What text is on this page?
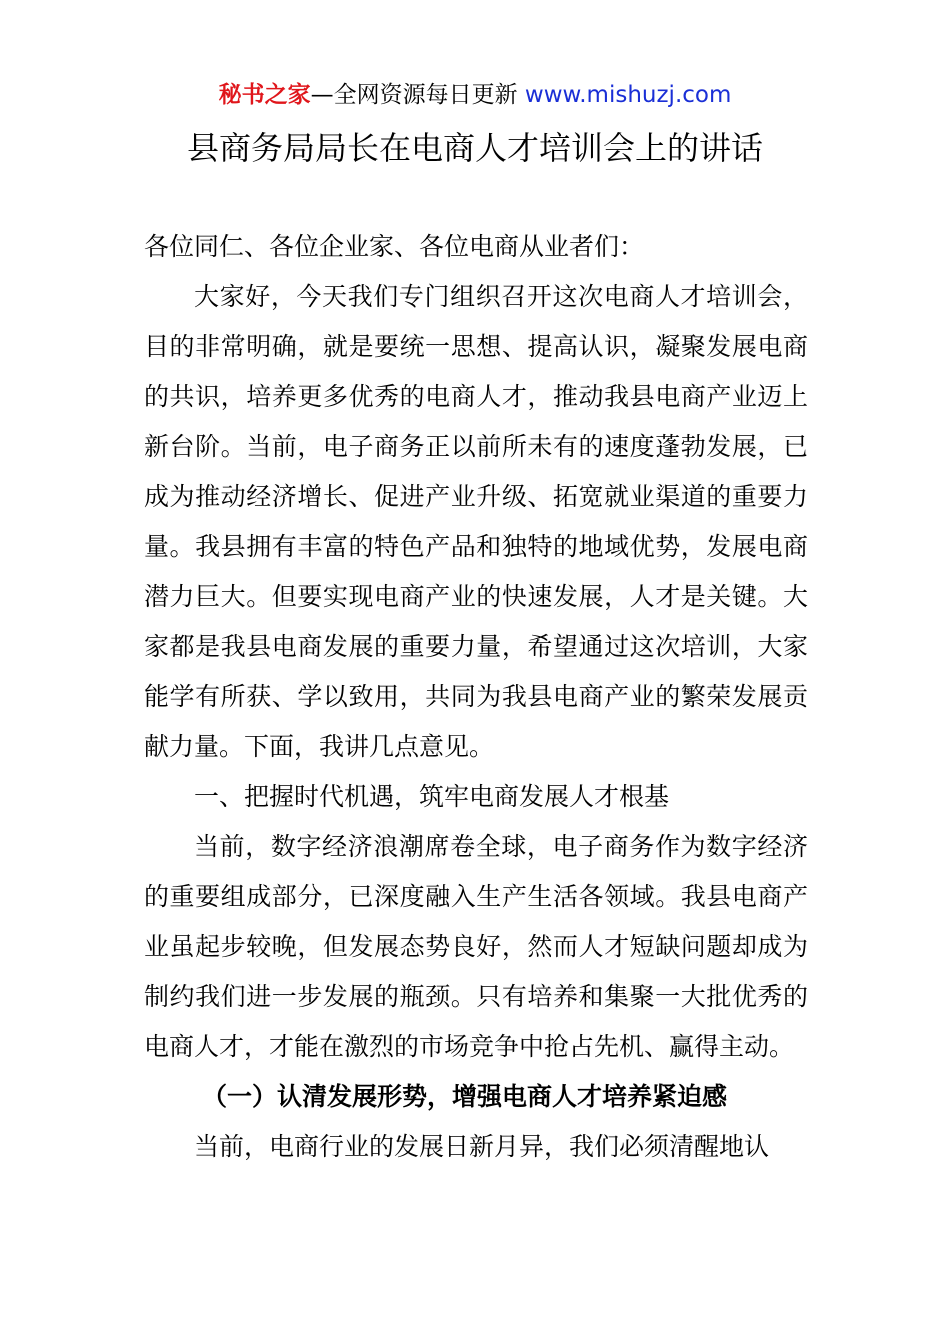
秘书之家—全网资源每日更新 www.mishuzj.com
县商务局局长在电商人才培训会上的讲话

各位同仁、各位企业家、各位电商从业者们：

大家好，今天我们专门组织召开这次电商人才培训会，目的非常明确，就是要统一思想、提高认识，凝聚发展电商的共识，培养更多优秀的电商人才，推动我县电商产业迈上新台阶。当前，电子商务正以前所未有的速度蓬勃发展，已成为推动经济增长、促进产业升级、拓宽就业渠道的重要力量。我县拥有丰富的特色产品和独特的地域优势，发展电商潜力巨大。但要实现电商产业的快速发展，人才是关键。大家都是我县电商发展的重要力量，希望通过这次培训，大家能学有所获、学以致用，共同为我县电商产业的繁荣发展贡献力量。下面，我讲几点意见。

一、把握时代机遇，筑牢电商发展人才根基

当前，数字经济浪潮席卷全球，电子商务作为数字经济的重要组成部分，已深度融入生产生活各领域。我县电商产业虽起步较晚，但发展态势良好，然而人才短缺问题却成为制约我们进一步发展的瓶颈。只有培养和集聚一大批优秀的电商人才，才能在激烈的市场竞争中抢占先机、赢得主动。

（一）认清发展形势，增强电商人才培养紧迫感

当前，电商行业的发展日新月异，我们必须清醒地认
